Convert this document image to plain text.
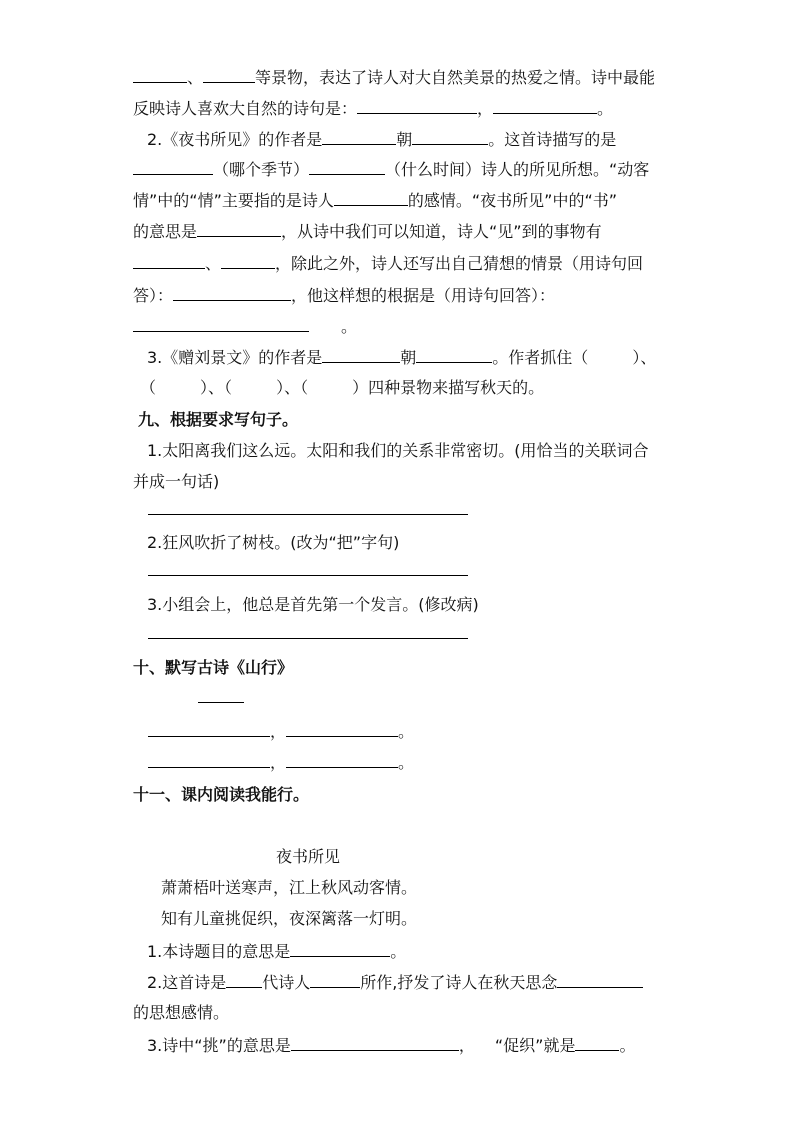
、	等景物，表达了诗人对大自然美景的热爱之情。诗中最能
反映诗人喜欢大自然的诗句是：	，	。
2.《夜书所见》的作者是	朝	。这首诗描写的是
（哪个季节）	（什么时间）诗人的所见所想。“动客
情”中的“情”主要指的是诗人	的感情。“夜书所见”中的“书”
的意思是	，从诗中我们可以知道，诗人“见”到的事物有
、	，除此之外，诗人还写出自己猜想的情景（用诗句回
答）：	，他这样想的根据是（用诗句回答）：
。
3.《赠刘景文》的作者是	朝	。作者抓住（	）、
（	）、（	）、（	）四种景物来描写秋天的。
九、根据要求写句子。
1.太阳离我们这么远。太阳和我们的关系非常密切。(用恰当的关联词合
并成一句话)
2.狂风吹折了树枝。(改为“把”字句)
3.小组会上，他总是首先第一个发言。(修改病)
十、默写古诗《山行》
，	。
，	。
十一、课内阅读我能行。
夜书所见
萧萧梧叶送寒声，江上秋风动客情。
知有儿童挑促织，夜深篱落一灯明。
1.本诗题目的意思是	。
2.这首诗是 代诗人	所作,抒发了诗人在秋天思念
的思想感情。
3.诗中“挑”的意思是	， “促织”就是	。
